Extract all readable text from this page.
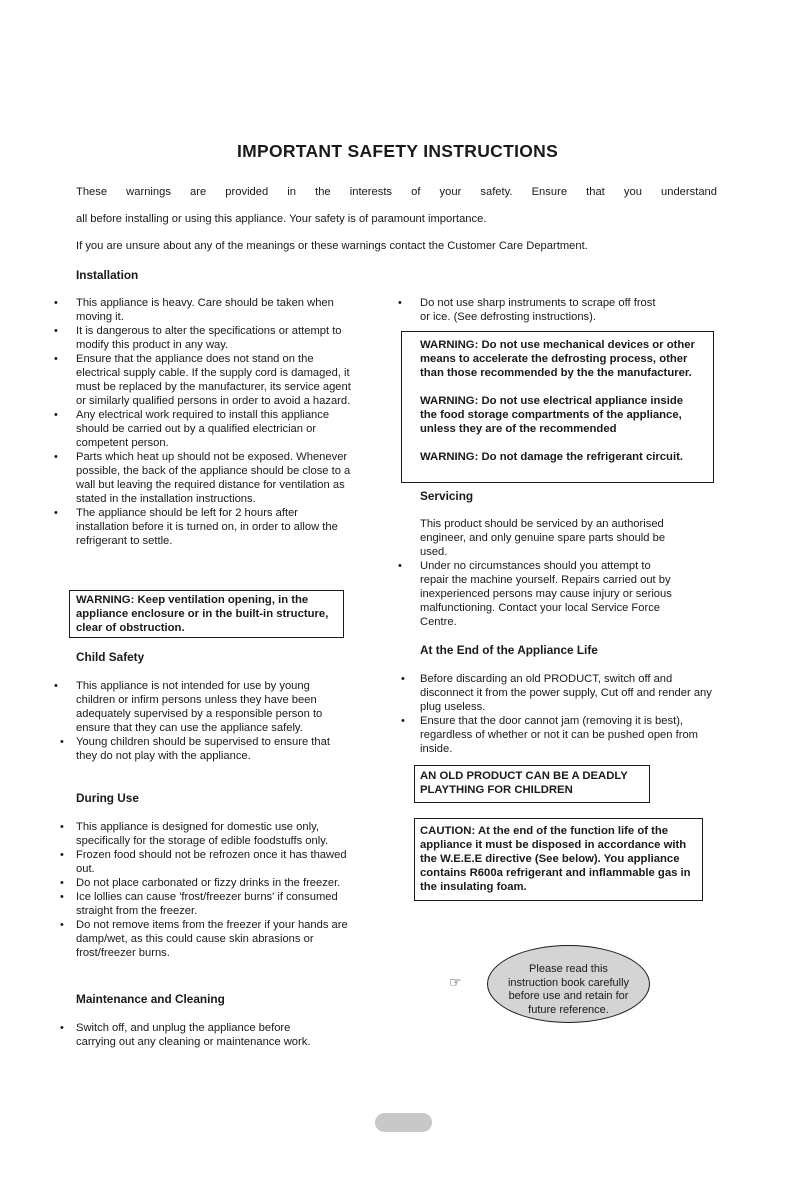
IMPORTANT SAFETY INSTRUCTIONS
These warnings are provided in the interests of your safety. Ensure that you understand
all before installing or using this appliance. Your safety is of paramount importance.
If you are unsure about any of the meanings or these warnings contact the Customer Care Department.
Installation
• This appliance is heavy. Care should be taken when moving it.
• It is dangerous to alter the specifications or attempt to modify this product in any way.
• Ensure that the appliance does not stand on the electrical supply cable. If the supply cord is damaged, it must be replaced by the manufacturer, its service agent or similarly qualified persons in order to avoid a hazard.
• Any electrical work required to install this appliance should be carried out by a qualified electrician or competent person.
• Parts which heat up should not be exposed. Whenever possible, the back of the appliance should be close to a wall but leaving the required distance for ventilation as stated in the installation instructions.
• The appliance should be left for 2 hours after installation before it is turned on, in order to allow the refrigerant to settle.
WARNING: Keep ventilation opening, in the appliance enclosure or in the built-in structure, clear of obstruction.
Child Safety
• This appliance is not intended for use by young children or infirm persons unless they have been adequately supervised by a responsible person to ensure that they can use the appliance safely.
• Young children should be supervised to ensure that they do not play with the appliance.
During Use
• This appliance is designed for domestic use only, specifically for the storage of edible foodstuffs only.
• Frozen food should not be refrozen once it has thawed out.
• Do not place carbonated or fizzy drinks in the freezer.
• Ice lollies can cause 'frost/freezer burns' if consumed straight from the freezer.
• Do not remove items from the freezer if your hands are damp/wet, as this could cause skin abrasions or frost/freezer burns.
Maintenance and Cleaning
• Switch off, and unplug the appliance before carrying out any cleaning or maintenance work.
• Do not use sharp instruments to scrape off frost or ice. (See defrosting instructions).
WARNING: Do not use mechanical devices or other means to accelerate the defrosting process, other than those recommended by the the manufacturer.
WARNING: Do not use electrical appliance inside the food storage compartments of the appliance, unless they are of the recommended
WARNING: Do not damage the refrigerant circuit.
Servicing
This product should be serviced by an authorised engineer, and only genuine spare parts should be used.
• Under no circumstances should you attempt to repair the machine yourself. Repairs carried out by inexperienced persons may cause injury or serious malfunctioning. Contact your local Service Force Centre.
At the End of the Appliance Life
• Before discarding an old PRODUCT, switch off and disconnect it from the power supply, Cut off and render any plug useless.
• Ensure that the door cannot jam (removing it is best), regardless of whether or not it can be pushed open from inside.
AN OLD PRODUCT CAN BE A DEADLY PLAYTHING FOR CHILDREN
CAUTION: At the end of the function life of the appliance it must be disposed in accordance with the W.E.E.E directive (See below). You appliance contains R600a refrigerant and inflammable gas in the insulating foam.
☞
Please read this instruction book carefully before use and retain for future reference.
